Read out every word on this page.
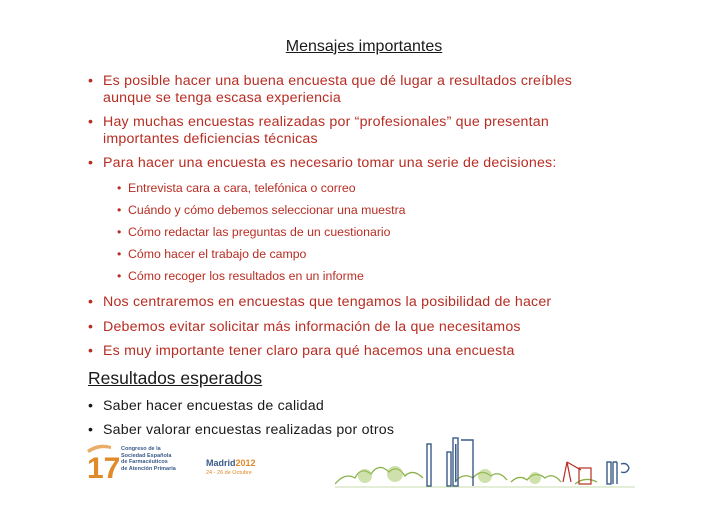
Mensajes importantes
• Es posible hacer una buena encuesta que dé lugar a resultados creíbles
aunque se tenga escasa experiencia
• Hay muchas encuestas realizadas por “profesionales” que presentan
importantes deficiencias técnicas
• Para hacer una encuesta es necesario tomar una serie de decisiones:
• Entrevista cara a cara, telefónica o correo
• Cuándo y cómo debemos seleccionar una muestra
• Cómo redactar las preguntas de un cuestionario
• Cómo hacer el trabajo de campo
• Cómo recoger los resultados en un informe
• Nos centraremos en encuestas que tengamos la posibilidad de hacer
• Debemos evitar solicitar más información de la que necesitamos
• Es muy importante tener claro para qué hacemos una encuesta
Resultados esperados
• Saber hacer encuestas de calidad
• Saber valorar encuestas realizadas por otros
17
Congreso de la
Sociedad Española
de Farmacéuticos
de Atención Primaria
Madrid2012
24 - 26 de Octubre
